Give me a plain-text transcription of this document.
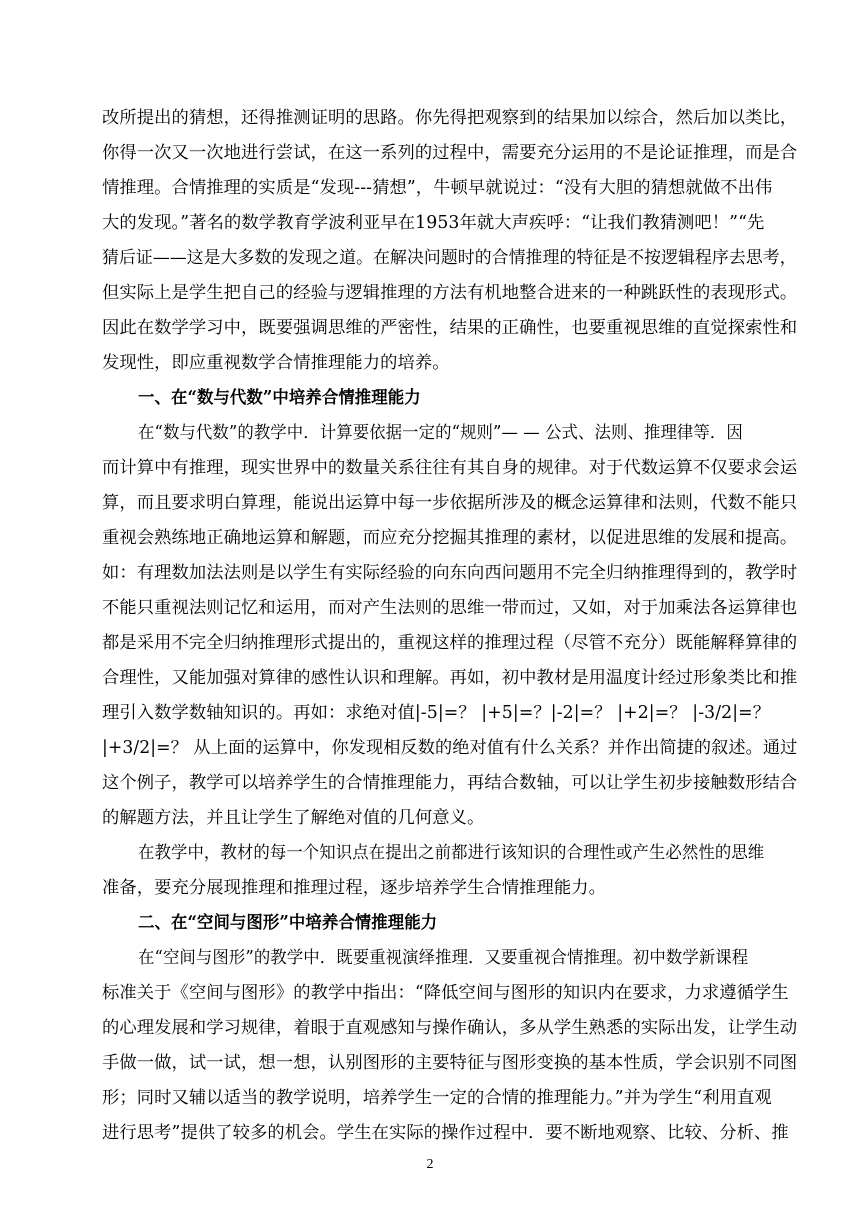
改所提出的猜想，还得推测证明的思路。你先得把观察到的结果加以综合，然后加以类比，
你得一次又一次地进行尝试，在这一系列的过程中，需要充分运用的不是论证推理，而是合
情推理。合情推理的实质是“发现---猜想”，牛顿早就说过：“没有大胆的猜想就做不出伟
大的发现。”著名的数学教育学波利亚早在1953年就大声疾呼：“让我们教猜测吧！”“先
猜后证——这是大多数的发现之道。在解决问题时的合情推理的特征是不按逻辑程序去思考，
但实际上是学生把自己的经验与逻辑推理的方法有机地整合进来的一种跳跃性的表现形式。
因此在数学学习中，既要强调思维的严密性，结果的正确性，也要重视思维的直觉探索性和
发现性，即应重视数学合情推理能力的培养。
一、在“数与代数”中培养合情推理能力
在“数与代数”的教学中．计算要依据一定的“规则”— — 公式、法则、推理律等．因
而计算中有推理，现实世界中的数量关系往往有其自身的规律。对于代数运算不仅要求会运
算，而且要求明白算理，能说出运算中每一步依据所涉及的概念运算律和法则，代数不能只
重视会熟练地正确地运算和解题，而应充分挖掘其推理的素材，以促进思维的发展和提高。
如：有理数加法法则是以学生有实际经验的向东向西问题用不完全归纳推理得到的，教学时
不能只重视法则记忆和运用，而对产生法则的思维一带而过，又如，对于加乘法各运算律也
都是采用不完全归纳推理形式提出的，重视这样的推理过程（尽管不充分）既能解释算律的
合理性，又能加强对算律的感性认识和理解。再如，初中教材是用温度计经过形象类比和推
理引入数学数轴知识的。再如：求绝对值|-5|=？ |+5|=？|-2|=？ |+2|=？ |-3/2|=？
|+3/2|=？ 从上面的运算中，你发现相反数的绝对值有什么关系？并作出简捷的叙述。通过
这个例子，教学可以培养学生的合情推理能力，再结合数轴，可以让学生初步接触数形结合
的解题方法，并且让学生了解绝对值的几何意义。
在教学中，教材的每一个知识点在提出之前都进行该知识的合理性或产生必然性的思维
准备，要充分展现推理和推理过程，逐步培养学生合情推理能力。
二、在“空间与图形”中培养合情推理能力
在“空间与图形”的教学中．既要重视演绎推理．又要重视合情推理。初中数学新课程
标准关于《空间与图形》的教学中指出：“降低空间与图形的知识内在要求，力求遵循学生
的心理发展和学习规律，着眼于直观感知与操作确认，多从学生熟悉的实际出发，让学生动
手做一做，试一试，想一想，认别图形的主要特征与图形变换的基本性质，学会识别不同图
形；同时又辅以适当的教学说明，培养学生一定的合情的推理能力。”并为学生“利用直观
进行思考”提供了较多的机会。学生在实际的操作过程中．要不断地观察、比较、分析、推
2
